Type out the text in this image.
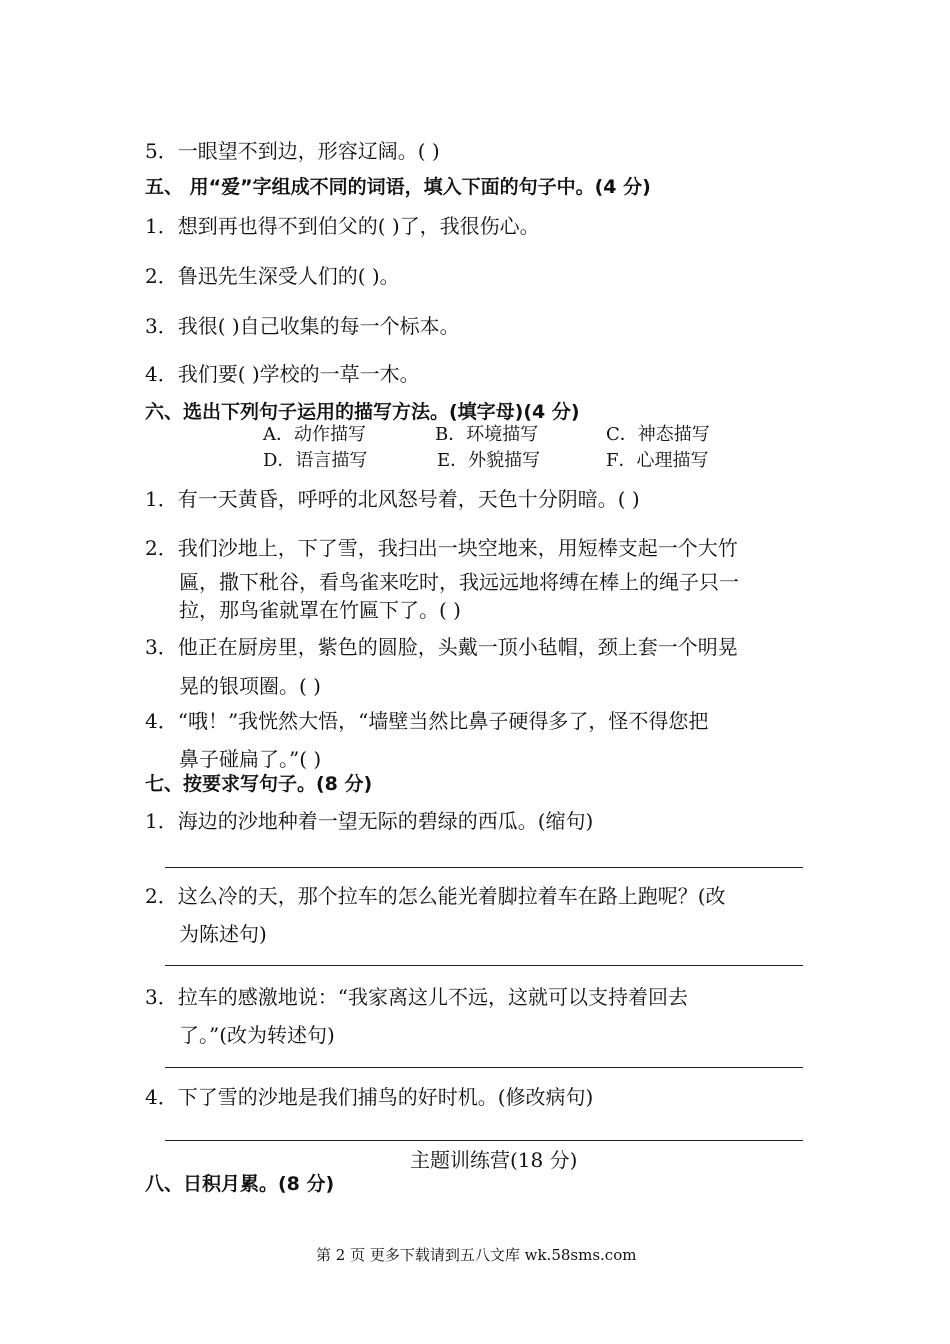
5．一眼望不到边，形容辽阔。( )
五、 用“爱”字组成不同的词语，填入下面的句子中。(4 分)
1．想到再也得不到伯父的( )了，我很伤心。
2．鲁迅先生深受人们的( )。
3．我很( )自己收集的每一个标本。
4．我们要( )学校的一草一木。
六、选出下列句子运用的描写方法。(填字母)(4 分)
A．动作描写	B．环境描写	C．神态描写
D．语言描写	E．外貌描写	F．心理描写
1．有一天黄昏，呼呼的北风怒号着，天色十分阴暗。( )
2．我们沙地上，下了雪，我扫出一块空地来，用短棒支起一个大竹
匾，撒下秕谷，看鸟雀来吃时，我远远地将缚在棒上的绳子只一
拉，那鸟雀就罩在竹匾下了。( )
3．他正在厨房里，紫色的圆脸，头戴一顶小毡帽，颈上套一个明晃
晃的银项圈。( )
4．“哦！”我恍然大悟，“墙壁当然比鼻子硬得多了，怪不得您把
鼻子碰扁了。”( )
七、按要求写句子。(8 分)
1．海边的沙地种着一望无际的碧绿的西瓜。(缩句)
2．这么冷的天，那个拉车的怎么能光着脚拉着车在路上跑呢？(改
为陈述句)
3．拉车的感激地说：“我家离这儿不远，这就可以支持着回去
了。”(改为转述句)
4．下了雪的沙地是我们捕鸟的好时机。(修改病句)
主题训练营(18 分)
八、日积月累。(8 分)
第 2 页 更多下载请到五八文库 wk.58sms.com
